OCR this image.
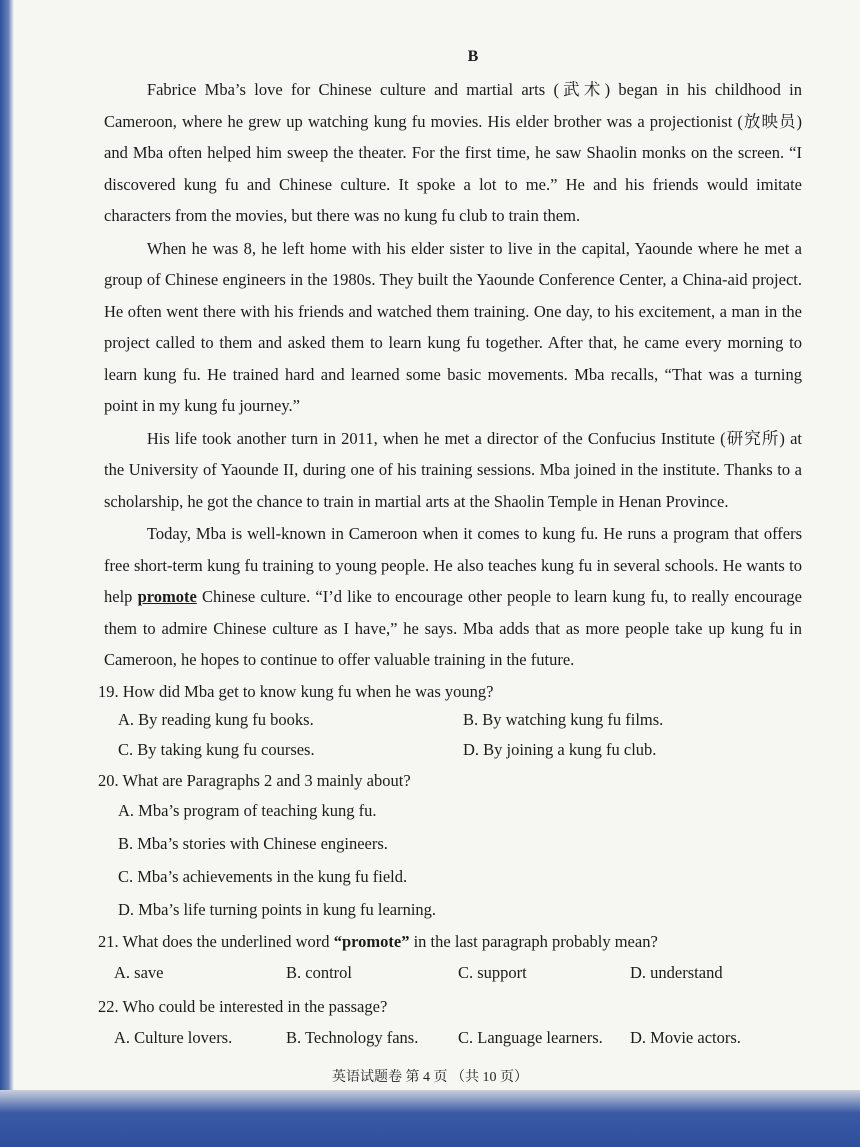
B

Fabrice Mba’s love for Chinese culture and martial arts (武术) began in his childhood in Cameroon, where he grew up watching kung fu movies. His elder brother was a projectionist (放映员) and Mba often helped him sweep the theater. For the first time, he saw Shaolin monks on the screen. “I discovered kung fu and Chinese culture. It spoke a lot to me.” He and his friends would imitate characters from the movies, but there was no kung fu club to train them.

When he was 8, he left home with his elder sister to live in the capital, Yaounde where he met a group of Chinese engineers in the 1980s. They built the Yaounde Conference Center, a China-aid project. He often went there with his friends and watched them training. One day, to his excitement, a man in the project called to them and asked them to learn kung fu together. After that, he came every morning to learn kung fu. He trained hard and learned some basic movements. Mba recalls, “That was a turning point in my kung fu journey.”

His life took another turn in 2011, when he met a director of the Confucius Institute (研究所) at the University of Yaounde II, during one of his training sessions. Mba joined in the institute. Thanks to a scholarship, he got the chance to train in martial arts at the Shaolin Temple in Henan Province.

Today, Mba is well-known in Cameroon when it comes to kung fu. He runs a program that offers free short-term kung fu training to young people. He also teaches kung fu in several schools. He wants to help promote Chinese culture. “I’d like to encourage other people to learn kung fu, to really encourage them to admire Chinese culture as I have,” he says. Mba adds that as more people take up kung fu in Cameroon, he hopes to continue to offer valuable training in the future.

19. How did Mba get to know kung fu when he was young?

A. By reading kung fu books.	B. By watching kung fu films.
C. By taking kung fu courses.	D. By joining a kung fu club.

20. What are Paragraphs 2 and 3 mainly about?

A. Mba’s program of teaching kung fu.
B. Mba’s stories with Chinese engineers.
C. Mba’s achievements in the kung fu field.
D. Mba’s life turning points in kung fu learning.

21. What does the underlined word “promote” in the last paragraph probably mean?

A. save	B. control	C. support	D. understand

22. Who could be interested in the passage?

A. Culture lovers.	B. Technology fans.	C. Language learners.	D. Movie actors.
英语试题卷 第 4 页 （共 10 页）
